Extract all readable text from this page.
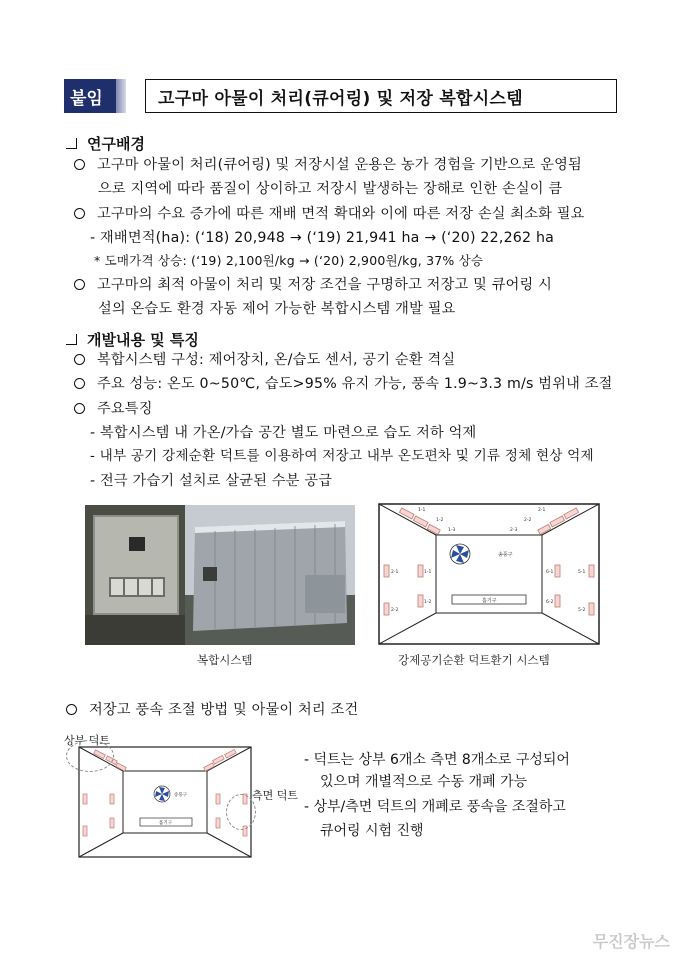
붙임	고구마 아물이 처리(큐어링) 및 저장 복합시스템
연구배경
고구마 아물이 처리(큐어링) 및 저장시설 운용은 농가 경험을 기반으로 운영됨
으로 지역에 따라 품질이 상이하고 저장시 발생하는 장해로 인한 손실이 큼
고구마의 수요 증가에 따른 재배 면적 확대와 이에 따른 저장 손실 최소화 필요
- 재배면적(ha): (‘18) 20,948 → (‘19) 21,941 ha → (‘20) 22,262 ha
* 도매가격 상승: (‘19) 2,100원/kg → (‘20) 2,900원/kg, 37% 상승
고구마의 최적 아물이 처리 및 저장 조건을 구명하고 저장고 및 큐어링 시
설의 온습도 환경 자동 제어 가능한 복합시스템 개발 필요
개발내용 및 특징
복합시스템 구성: 제어장치, 온/습도 센서, 공기 순환 격실
주요 성능: 온도 0~50℃, 습도>95% 유지 가능, 풍속 1.9~3.3 m/s 범위내 조절
주요특징
- 복합시스템 내 가온/가습 공간 별도 마련으로 습도 저하 억제
- 내부 공기 강제순환 덕트를 이용하여 저장고 내부 온도편차 및 기류 정체 현상 억제
- 전극 가습기 설치로 살균된 수분 공급
송풍구
흡기구
1-1
1-2
1-3
2-1
2-2
2-3
2-1
2-2
1-1
1-2
6-1
6-2
5-1
5-2
복합시스템	강제공기순환 덕트환기 시스템
저장고 풍속 조절 방법 및 아물이 처리 조건
상부 덕트
측면 덕트
송풍구
흡기구
- 덕트는 상부 6개소 측면 8개소로 구성되어
있으며 개별적으로 수동 개폐 가능
- 상부/측면 덕트의 개폐로 풍속을 조절하고
큐어링 시험 진행
무진장뉴스
